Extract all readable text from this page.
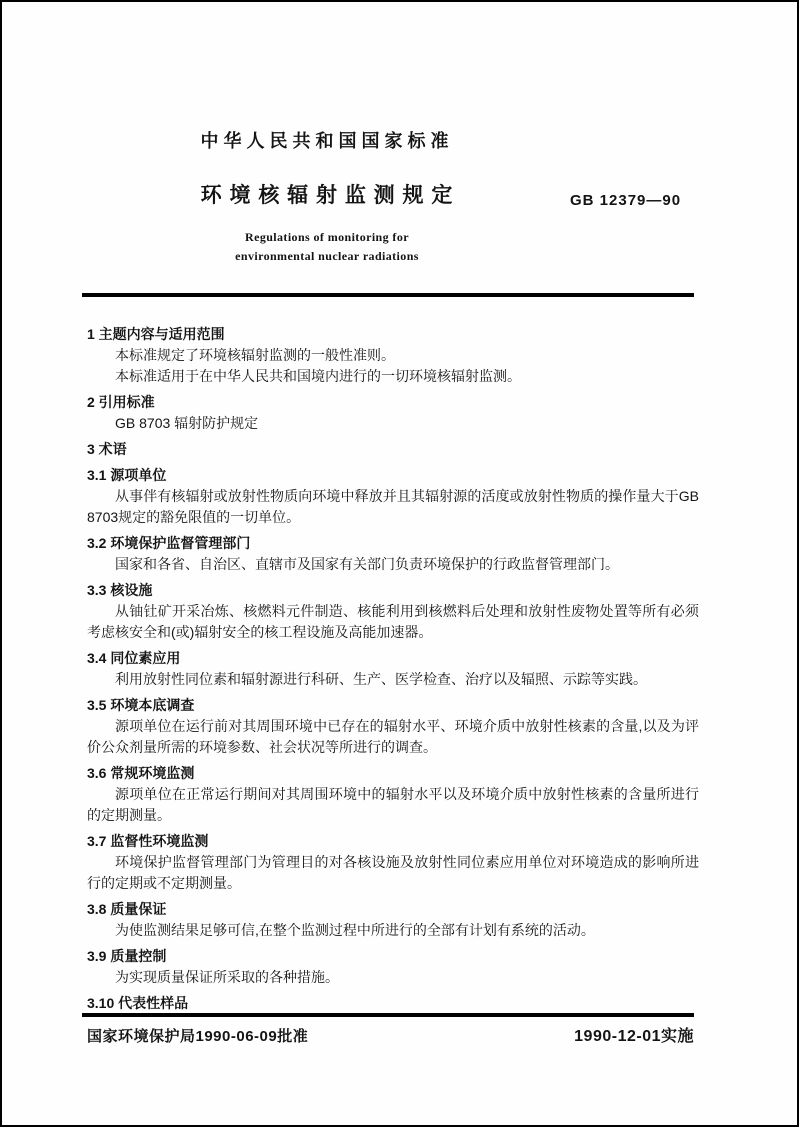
中华人民共和国国家标准
环 境 核 辐 射 监 测 规 定	GB 12379—90
Regulations of monitoring for
environmental nuclear radiations
1 主题内容与适用范围

本标准规定了环境核辐射监测的一般性准则。

本标准适用于在中华人民共和国境内进行的一切环境核辐射监测。

2 引用标准

GB 8703 辐射防护规定

3 术语
3.1 源项单位

从事伴有核辐射或放射性物质向环境中释放并且其辐射源的活度或放射性物质的操作量大于GB 8703规定的豁免限值的一切单位。

3.2 环境保护监督管理部门

国家和各省、自治区、直辖市及国家有关部门负责环境保护的行政监督管理部门。

3.3 核设施

从铀钍矿开采冶炼、核燃料元件制造、核能利用到核燃料后处理和放射性废物处置等所有必须考虑核安全和(或)辐射安全的核工程设施及高能加速器。

3.4 同位素应用

利用放射性同位素和辐射源进行科研、生产、医学检查、治疗以及辐照、示踪等实践。

3.5 环境本底调查

源项单位在运行前对其周围环境中已存在的辐射水平、环境介质中放射性核素的含量,以及为评价公众剂量所需的环境参数、社会状况等所进行的调查。

3.6 常规环境监测

源项单位在正常运行期间对其周围环境中的辐射水平以及环境介质中放射性核素的含量所进行的定期测量。

3.7 监督性环境监测

环境保护监督管理部门为管理目的对各核设施及放射性同位素应用单位对环境造成的影响所进行的定期或不定期测量。

3.8 质量保证

为使监测结果足够可信,在整个监测过程中所进行的全部有计划有系统的活动。

3.9 质量控制

为实现质量保证所采取的各种措施。

3.10 代表性样品
国家环境保护局1990-06-09批准	1990-12-01实施
